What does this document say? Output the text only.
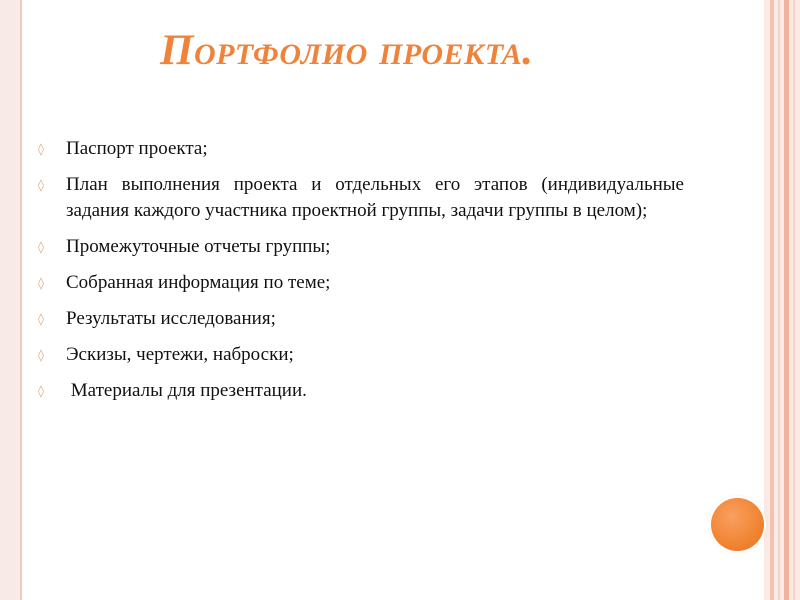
Портфолио проекта.
◊	Паспорт проекта;
◊	План выполнения проекта и отдельных его этапов (индивидуальные задания каждого участника проектной группы, задачи группы в целом);
◊	Промежуточные отчеты группы;
◊	Собранная информация по теме;
◊	Результаты исследования;
◊	Эскизы, чертежи, наброски;
◊	Материалы для презентации.
